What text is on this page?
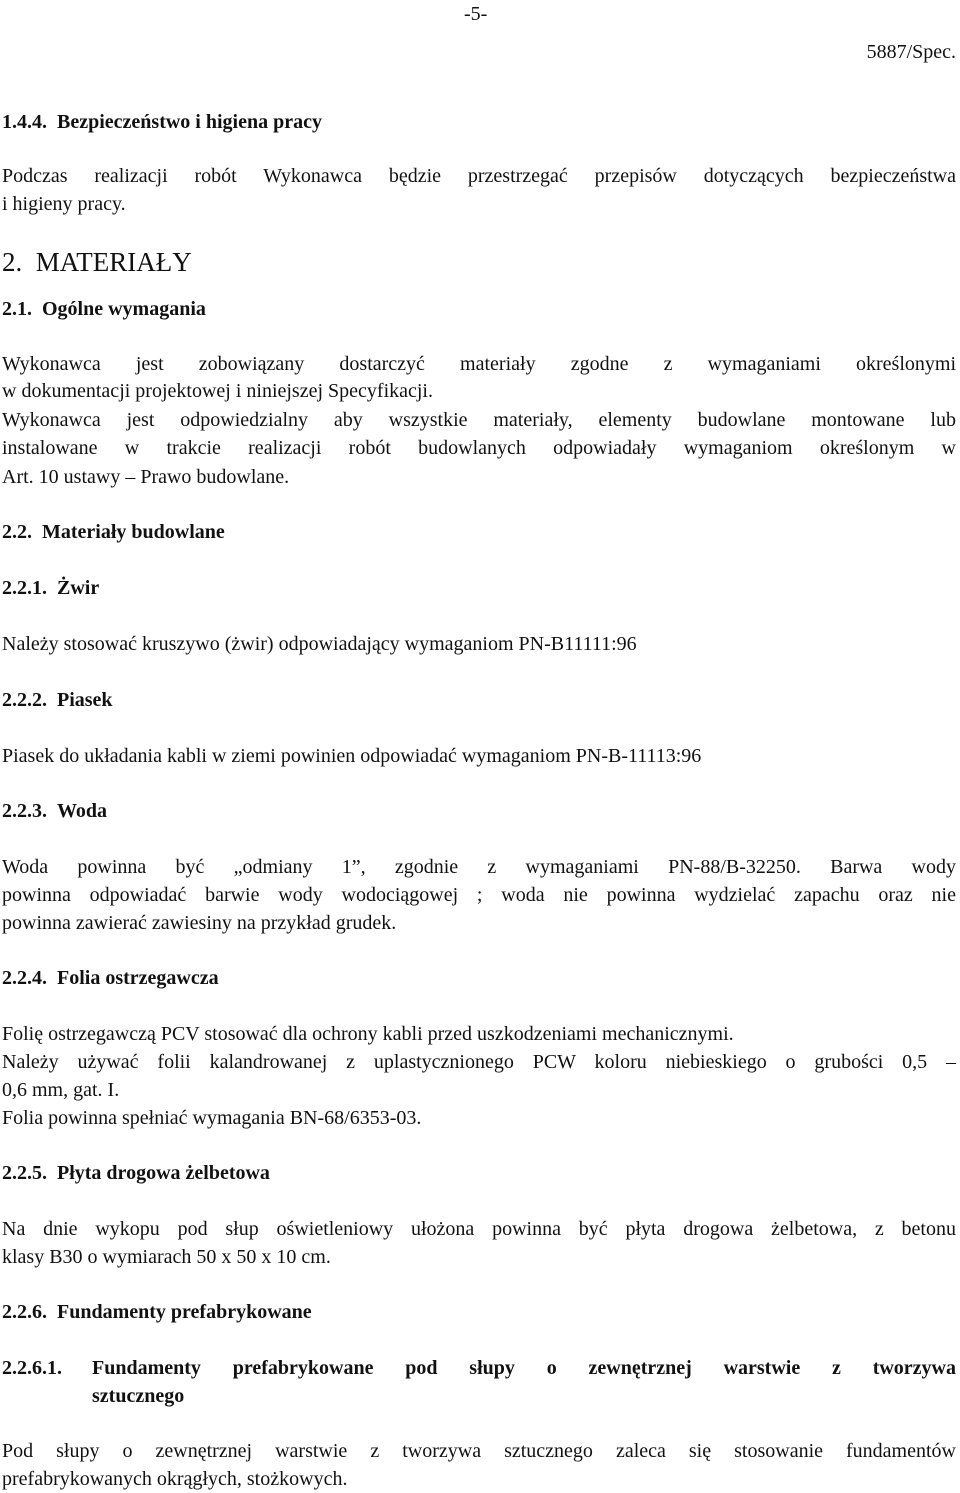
-5-
5887/Spec.
1.4.4. Bezpieczeństwo i higiena pracy
Podczas realizacji robót Wykonawca będzie przestrzegać przepisów dotyczących bezpieczeństwa
i higieny pracy.
2. MATERIAŁY
2.1. Ogólne wymagania
Wykonawca jest zobowiązany dostarczyć materiały zgodne z wymaganiami określonymi
w dokumentacji projektowej i niniejszej Specyfikacji.
Wykonawca jest odpowiedzialny aby wszystkie materiały, elementy budowlane montowane lub
instalowane w trakcie realizacji robót budowlanych odpowiadały wymaganiom określonym w
Art. 10 ustawy – Prawo budowlane.
2.2. Materiały budowlane
2.2.1. Żwir
Należy stosować kruszywo (żwir) odpowiadający wymaganiom PN-B11111:96
2.2.2. Piasek
Piasek do układania kabli w ziemi powinien odpowiadać wymaganiom PN-B-11113:96
2.2.3. Woda
Woda powinna być „odmiany 1”, zgodnie z wymaganiami PN-88/B-32250. Barwa wody
powinna odpowiadać barwie wody wodociągowej ; woda nie powinna wydzielać zapachu oraz nie
powinna zawierać zawiesiny na przykład grudek.
2.2.4. Folia ostrzegawcza
Folię ostrzegawczą PCV stosować dla ochrony kabli przed uszkodzeniami mechanicznymi.
Należy używać folii kalandrowanej z uplastycznionego PCW koloru niebieskiego o grubości 0,5 –
0,6 mm, gat. I.
Folia powinna spełniać wymagania BN-68/6353-03.
2.2.5. Płyta drogowa żelbetowa
Na dnie wykopu pod słup oświetleniowy ułożona powinna być płyta drogowa żelbetowa, z betonu
klasy B30 o wymiarach 50 x 50 x 10 cm.
2.2.6. Fundamenty prefabrykowane
2.2.6.1.	Fundamenty prefabrykowane pod słupy o zewnętrznej warstwie z tworzywa
sztucznego
Pod słupy o zewnętrznej warstwie z tworzywa sztucznego zaleca się stosowanie fundamentów
prefabrykowanych okrągłych, stożkowych.
